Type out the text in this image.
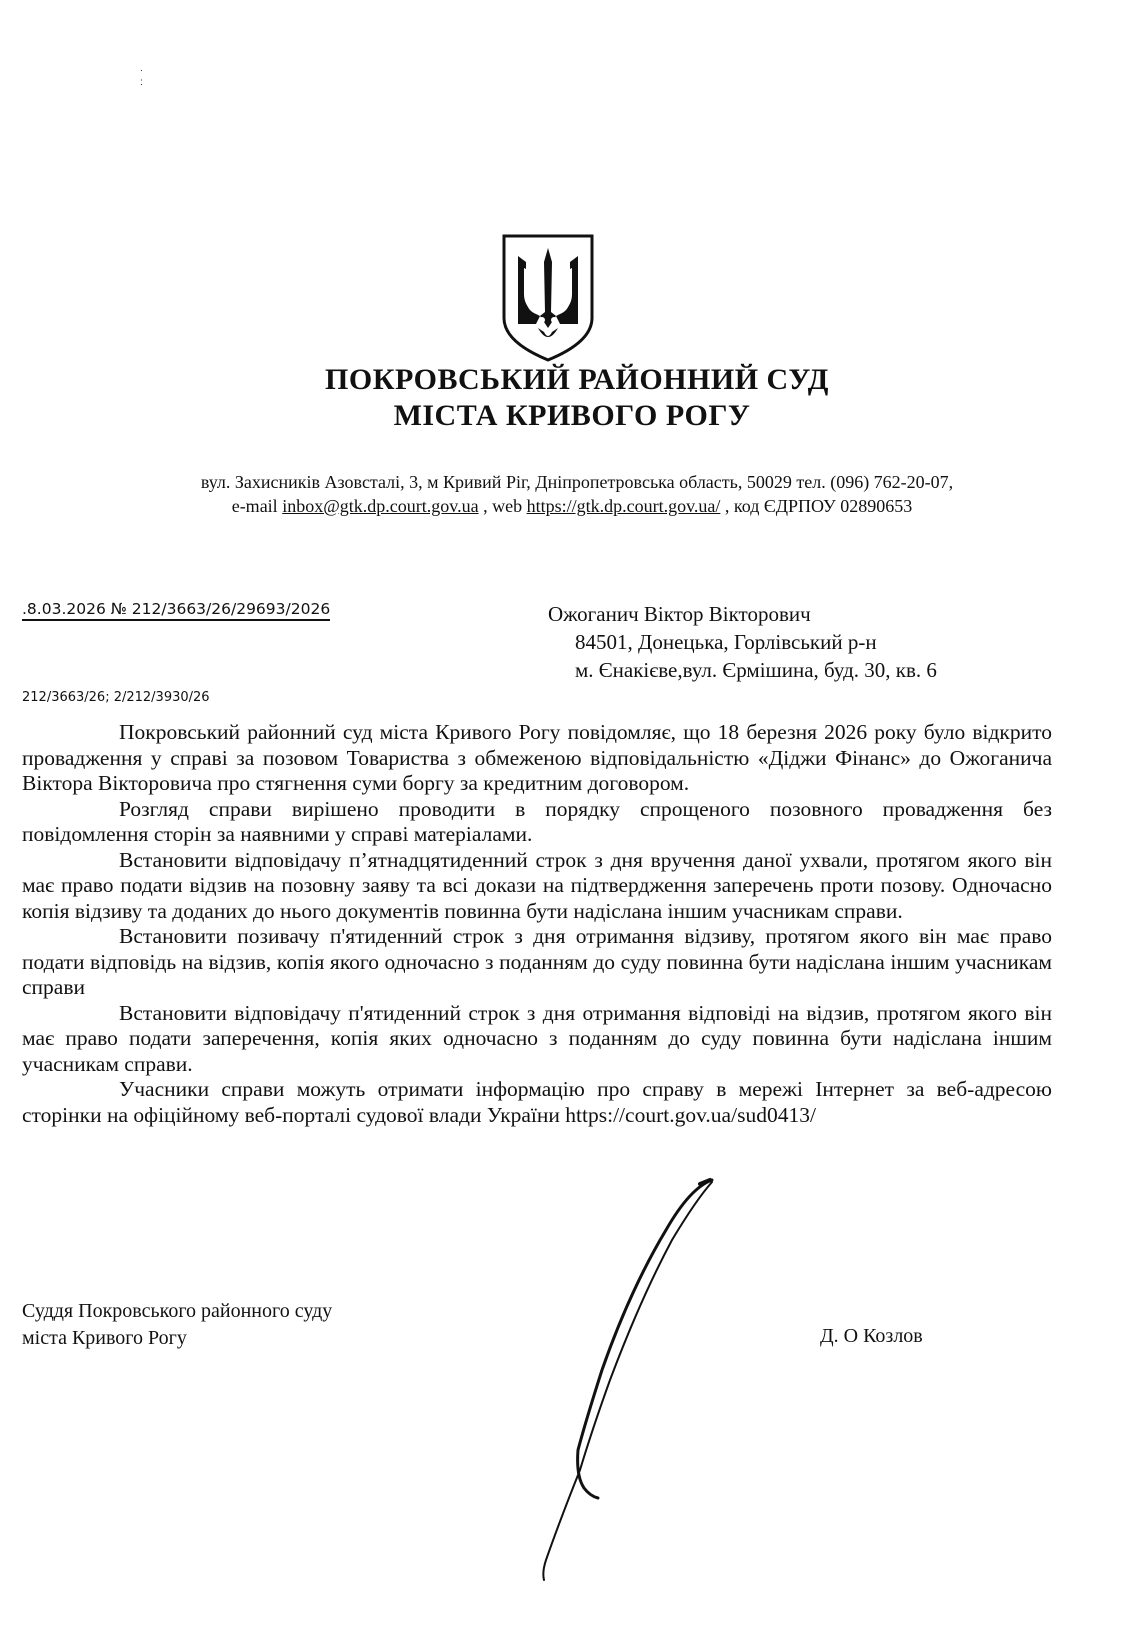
.
:
ПОКРОВСЬКИЙ РАЙОННИЙ СУД
МІСТА КРИВОГО РОГУ
вул. Захисників Азовсталі, 3, м Кривий Ріг, Дніпропетровська область, 50029 тел. (096) 762-20-07,
e-mail inbox@gtk.dp.court.gov.ua , web https://gtk.dp.court.gov.ua/ , код ЄДРПОУ 02890653
.8.03.2026 № 212/3663/26/29693/2026
212/3663/26; 2/212/3930/26
Ожоганич Віктор Вікторович
84501, Донецька, Горлівський р-н
м. Єнакієве,вул. Єрмішина, буд. 30, кв. 6

Покровський районний суд міста Кривого Рогу повідомляє, що 18 березня 2026 року було відкрито провадження у справі за позовом Товариства з обмеженою відповідальністю «Діджи Фінанс» до Ожоганича Віктора Вікторовича про стягнення суми боргу за кредитним договором.

Розгляд справи вирішено проводити в порядку спрощеного позовного провадження без повідомлення сторін за наявними у справі матеріалами.

Встановити відповідачу п’ятнадцятиденний строк з дня вручення даної ухвали, протягом якого він має право подати відзив на позовну заяву та всі докази на підтвердження заперечень проти позову. Одночасно копія відзиву та доданих до нього документів повинна бути надіслана іншим учасникам справи.

Встановити позивачу п'ятиденний строк з дня отримання відзиву, протягом якого він має право подати відповідь на відзив, копія якого одночасно з поданням до суду повинна бути надіслана іншим учасникам справи

Встановити відповідачу п'ятиденний строк з дня отримання відповіді на відзив, протягом якого він має право подати заперечення, копія яких одночасно з поданням до суду повинна бути надіслана іншим учасникам справи.

Учасники справи можуть отримати інформацію про справу в мережі Інтернет за веб-адресою сторінки на офіційному веб-порталі судової влади України https://court.gov.ua/sud0413/

Суддя Покровського районного суду
міста Кривого Рогу	Д. О Козлов
